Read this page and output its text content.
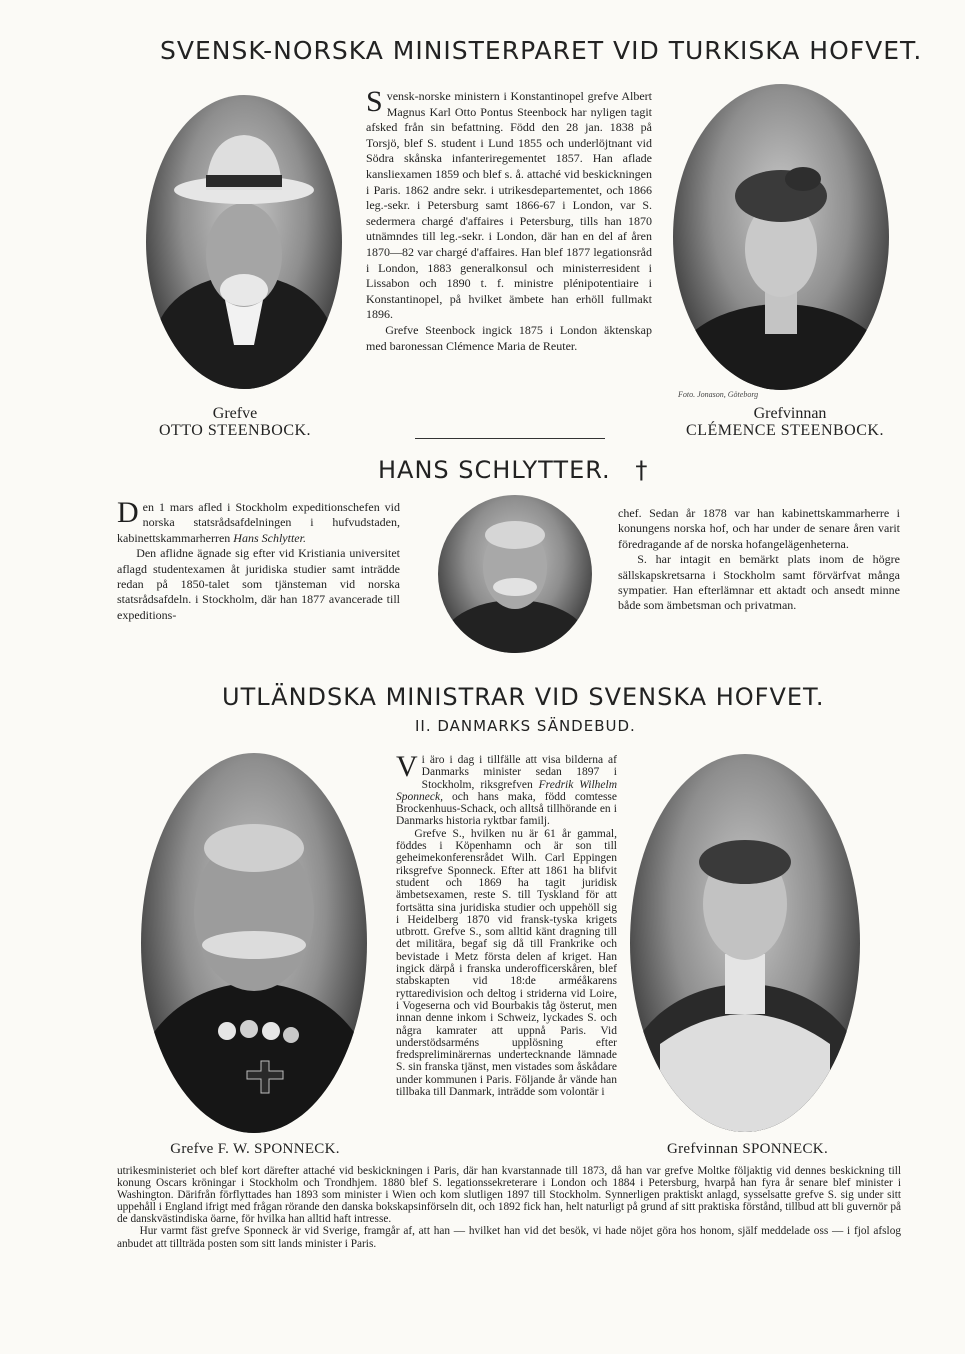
SVENSK-NORSKA MINISTERPARET VID TURKISKA HOFVET.
Grefve
OTTO STEENBOCK.

Svensk-norske ministern i Konstantinopel grefve Albert Magnus Karl Otto Pontus Steenbock har nyligen tagit afsked från sin befattning. Född den 28 jan. 1838 på Torsjö, blef S. student i Lund 1855 och underlöjtnant vid Södra skånska infanteriregementet 1857. Han aflade kansliexamen 1859 och blef s. å. attaché vid beskickningen i Paris. 1862 andre sekr. i utrikesdepartementet, och 1866 leg.-sekr. i Petersburg samt 1866-67 i London, var S. sedermera chargé d'affaires i Petersburg, tills han 1870 utnämndes till leg.-sekr. i London, där han en del af åren 1870—82 var chargé d'affaires. Han blef 1877 legationsråd i London, 1883 generalkonsul och ministerresident i Lissabon och 1890 t. f. ministre plénipotentiaire i Konstantinopel, på hvilket ämbete han erhöll fullmakt 1896.

Grefve Steenbock ingick 1875 i London äktenskap med baronessan Clémence Maria de Reuter.

Foto. Jonason, Göteborg
Grefvinnan
CLÉMENCE STEENBOCK.
HANS SCHLYTTER. †

Den 1 mars afled i Stockholm expeditionschefen vid norska statsrådsafdelningen i hufvudstaden, kabinettskammarherren Hans Schlytter.

Den aflidne ägnade sig efter vid Kristiania universitet aflagd studentexamen åt juridiska studier samt inträdde redan på 1850-talet som tjänsteman vid norska statsrådsafdeln. i Stockholm, där han 1877 avancerade till expeditions-

chef. Sedan år 1878 var han kabinettskammarherre i konungens norska hof, och har under de senare åren varit föredragande af de norska hofangelägenheterna.

S. har intagit en bemärkt plats inom de högre sällskapskretsarna i Stockholm samt förvärfvat många sympatier. Han efterlämnar ett aktadt och ansedt minne både som ämbetsman och privatman.

UTLÄNDSKA MINISTRAR VID SVENSKA HOFVET.
II. DANMARKS SÄNDEBUD.
Grefve F. W. SPONNECK.

Vi äro i dag i tillfälle att visa bilderna af Danmarks minister sedan 1897 i Stockholm, riksgrefven Fredrik Wilhelm Sponneck, och hans maka, född comtesse Brockenhuus-Schack, och alltså tillhörande en i Danmarks historia ryktbar familj.

Grefve S., hvilken nu är 61 år gammal, föddes i Köpenhamn och är son till geheimekonferensrådet Wilh. Carl Eppingen riksgrefve Sponneck. Efter att 1861 ha blifvit student och 1869 ha tagit juridisk ämbetsexamen, reste S. till Tyskland för att fortsätta sina juridiska studier och uppehöll sig i Heidelberg 1870 vid fransk-tyska krigets utbrott. Grefve S., som alltid känt dragning till det militära, begaf sig då till Frankrike och bevistade i Metz första delen af kriget. Han ingick därpå i franska underofficerskåren, blef stabskapten vid 18:de arméåkarens ryttaredivision och deltog i striderna vid Loire, i Vogeserna och vid Bourbakis tåg österut, men innan denne inkom i Schweiz, lyckades S. och några kamrater att uppnå Paris. Vid understödsarméns upplösning efter fredspreliminärernas undertecknande lämnade S. sin franska tjänst, men vistades som åskådare under kommunen i Paris. Följande år vände han tillbaka till Danmark, inträdde som volontär i

Grefvinnan SPONNECK.

utrikesministeriet och blef kort därefter attaché vid beskickningen i Paris, där han kvarstannade till 1873, då han var grefve Moltke följaktig vid dennes beskickning till konung Oscars kröningar i Stockholm och Trondhjem. 1880 blef S. legationssekreterare i London och 1884 i Petersburg, hvarpå han fyra år senare blef minister i Washington. Därifrån förflyttades han 1893 som minister i Wien och kom slutligen 1897 till Stockholm. Synnerligen praktiskt anlagd, sysselsatte grefve S. sig under sitt uppehåll i England ifrigt med frågan rörande den danska bokskapsinförseln dit, och 1892 fick han, helt naturligt på grund af sitt praktiska förstånd, tillbud att bli guvernör på de danskvästindiska öarne, för hvilka han alltid haft intresse.

Hur varmt fäst grefve Sponneck är vid Sverige, framgår af, att han — hvilket han vid det besök, vi hade nöjet göra hos honom, själf meddelade oss — i fjol afslog anbudet att tillträda posten som sitt lands minister i Paris.
